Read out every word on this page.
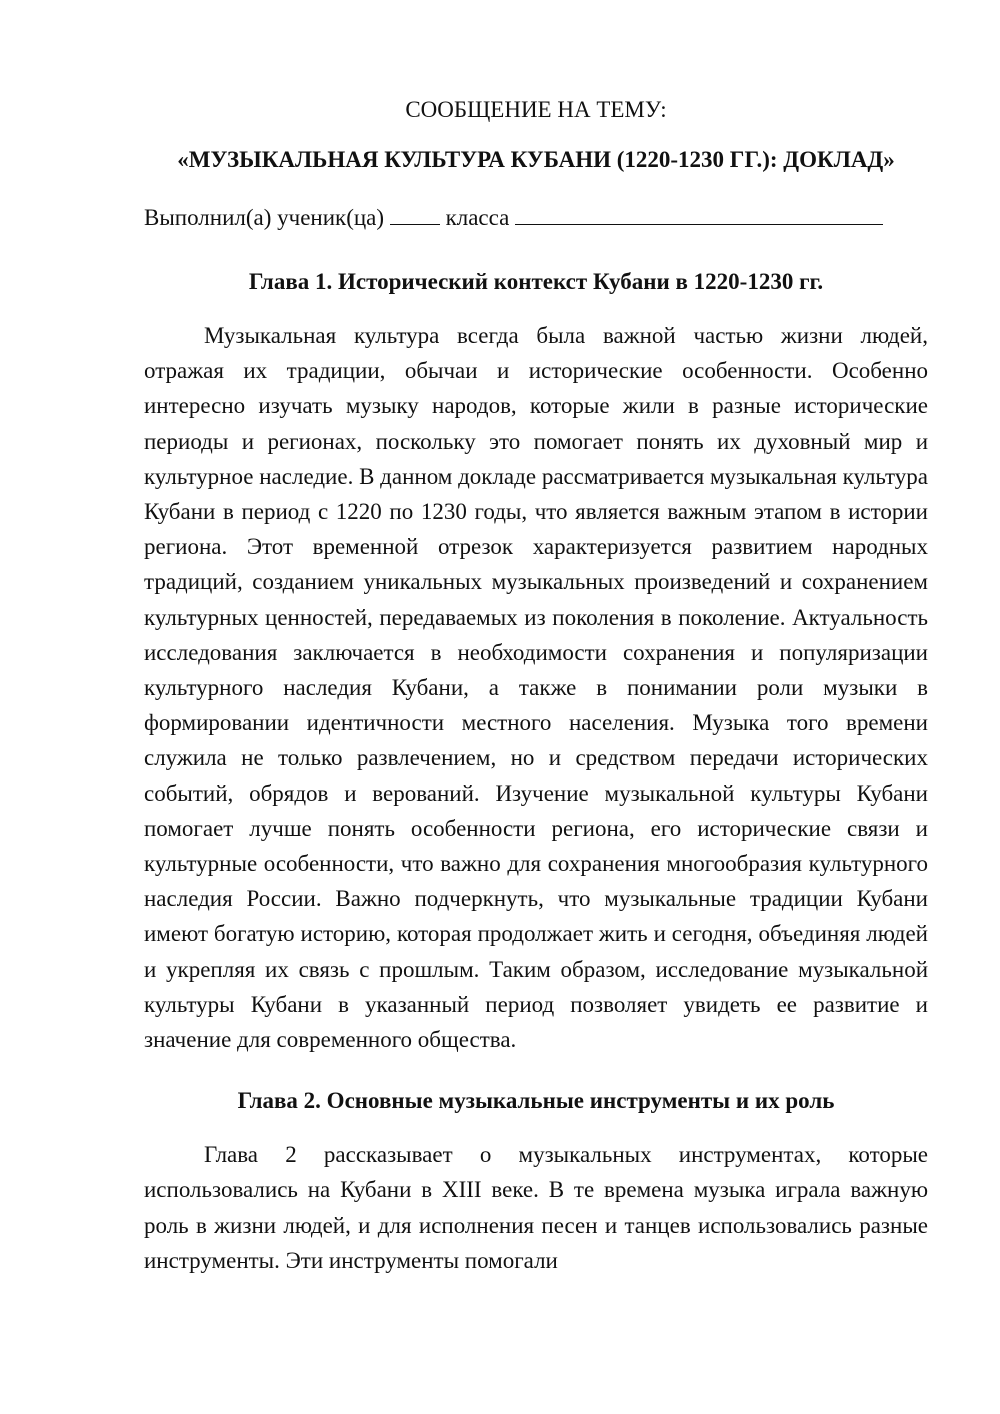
СООБЩЕНИЕ НА ТЕМУ:

«МУЗЫКАЛЬНАЯ КУЛЬТУРА КУБАНИ (1220-1230 ГГ.): ДОКЛАД»

Выполнил(а) ученик(ца)	класса

Глава 1. Исторический контекст Кубани в 1220-1230 гг.

Музыкальная культура всегда была важной частью жизни людей, отражая их традиции, обычаи и исторические особенности. Особенно интересно изучать музыку народов, которые жили в разные исторические периоды и регионах, поскольку это помогает понять их духовный мир и культурное наследие. В данном докладе рассматривается музыкальная культура Кубани в период с 1220 по 1230 годы, что является важным этапом в истории региона. Этот временной отрезок характеризуется развитием народных традиций, созданием уникальных музыкальных произведений и сохранением культурных ценностей, передаваемых из поколения в поколение. Актуальность исследования заключается в необходимости сохранения и популяризации культурного наследия Кубани, а также в понимании роли музыки в формировании идентичности местного населения. Музыка того времени служила не только развлечением, но и средством передачи исторических событий, обрядов и верований. Изучение музыкальной культуры Кубани помогает лучше понять особенности региона, его исторические связи и культурные особенности, что важно для сохранения многообразия культурного наследия России. Важно подчеркнуть, что музыкальные традиции Кубани имеют богатую историю, которая продолжает жить и сегодня, объединяя людей и укрепляя их связь с прошлым. Таким образом, исследование музыкальной культуры Кубани в указанный период позволяет увидеть ее развитие и значение для современного общества.

Глава 2. Основные музыкальные инструменты и их роль

Глава 2 рассказывает о музыкальных инструментах, которые использовались на Кубани в XIII веке. В те времена музыка играла важную роль в жизни людей, и для исполнения песен и танцев использовались разные инструменты. Эти инструменты помогали
